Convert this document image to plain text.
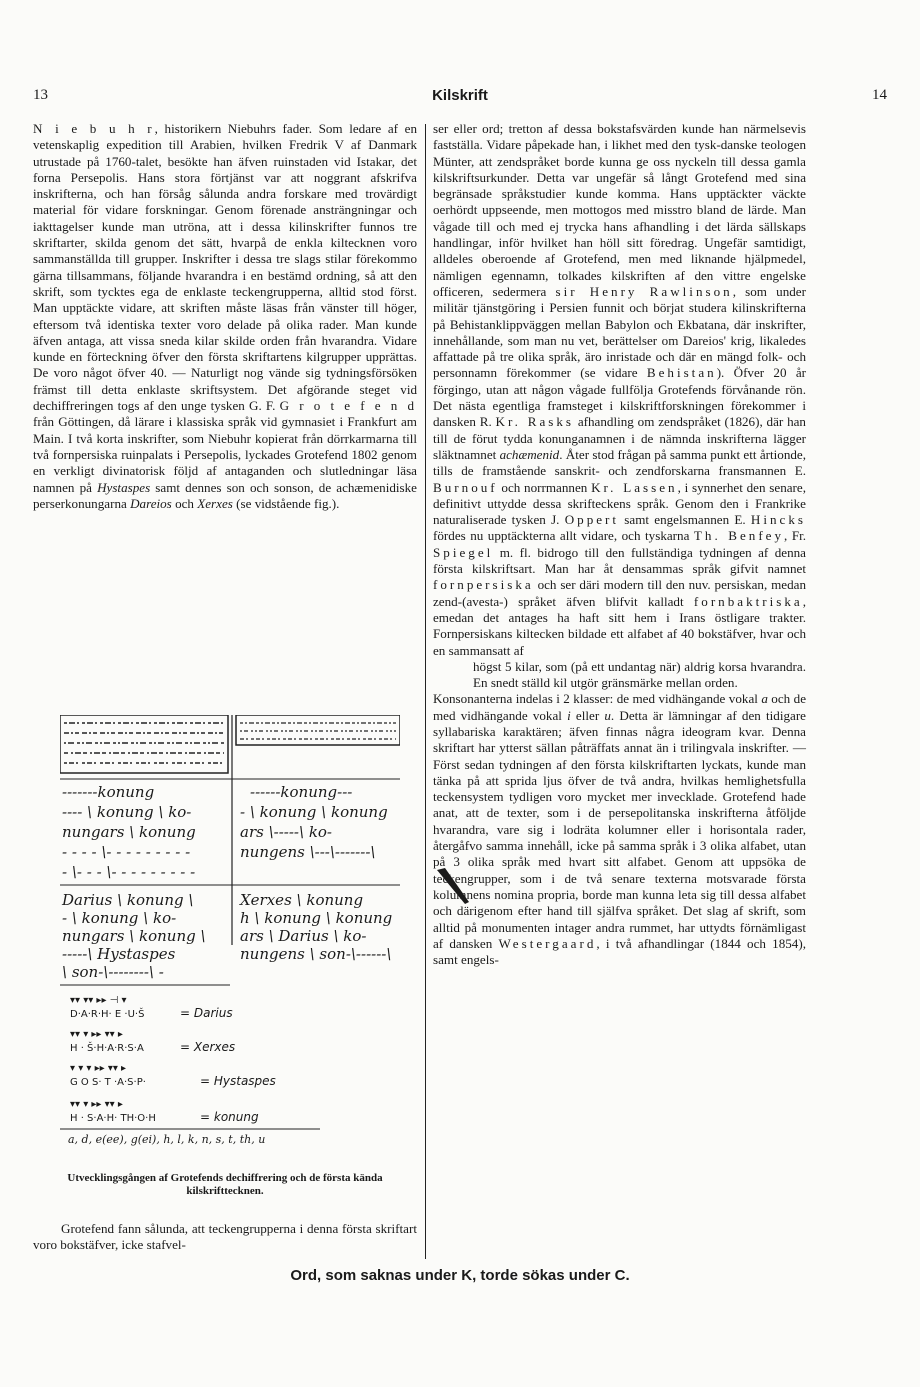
13	Kilskrift	14

N i e b u h r, historikern Niebuhrs fader. Som ledare af en vetenskaplig expedition till Arabien, hvilken Fredrik V af Danmark utrustade på 1760-talet, besökte han äfven ruinstaden vid Istakar, det forna Persepolis. Hans stora förtjänst var att noggrant afskrifva inskrifterna, och han försåg sålunda andra forskare med trovärdigt material för vidare forskningar. Genom förenade ansträngningar och iakttagelser kunde man utröna, att i dessa kilinskrifter funnos tre skriftarter, skilda genom det sätt, hvarpå de enkla kiltecknen voro sammanställda till grupper. Inskrifter i dessa tre slags stilar förekommo gärna tillsammans, följande hvarandra i en bestämd ordning, så att den skrift, som tycktes ega de enklaste teckengrupperna, alltid stod först. Man upptäckte vidare, att skriften måste läsas från vänster till höger, eftersom två identiska texter voro delade på olika rader. Man kunde äfven antaga, att vissa sneda kilar skilde orden från hvarandra. Vidare kunde en förteckning öfver den första skriftartens kilgrupper upprättas. De voro något öfver 40. — Naturligt nog vände sig tydningsförsöken främst till detta enklaste skriftsystem. Det afgörande steget vid dechiffreringen togs af den unge tysken G. F. G r o t e f e n d från Göttingen, då lärare i klassiska språk vid gymnasiet i Frankfurt am Main. I två korta inskrifter, som Niebuhr kopierat från dörrkarmarna till två fornpersiska ruinpalats i Persepolis, lyckades Grotefend 1802 genom en verkligt divinatorisk följd af antaganden och slutledningar läsa namnen på Hystaspes samt dennes son och sonson, de achæmenidiske perserkonungarna Dareios och Xerxes (se vidstående fig.).

-------konung	------konung---
---- \ konung \ ko-	- \ konung \ konung
nungars \ konung	ars \-----\ ko-
nungens \---\-------\
- - - - \- - - - - - - - -
- \- - - \- - - - - - - - -
Darius \ konung \	Xerxes \ konung
- \ konung \ ko-	h \ konung \ konung
nungars \ konung \ ars \ Darius \ ko-
-----\ Hystaspes	nungens \ son-\------\
\ son-\--------\ -
▾▾ ▾▾ ▸▸ ⊣ ▾
D·A·R·H· E ·U·Š	= Darius
▾▾ ▾ ▸▸ ▾▾ ▸
H · Š·H·A·R·S·A	= Xerxes
▾ ▾ ▾ ▸▸ ▾▾ ▸
G O S· T ·A·S·P·	= Hystaspes
▾▾ ▾ ▸▸ ▾▾ ▸
H · S·A·H· TH·O·H	= konung
a, d, e(ee), g(ei), h, l, k, n, s, t, th, u
Utvecklingsgången af Grotefends dechiffrering och de första kända kilskrifttecknen.

Grotefend fann sålunda, att teckengrupperna i denna första skriftart voro bokstäfver, icke stafvel-

ser eller ord; tretton af dessa bokstafsvärden kunde han närmelsevis fastställa. Vidare påpekade han, i likhet med den tysk-danske teologen Münter, att zendspråket borde kunna ge oss nyckeln till dessa gamla kilskriftsurkunder. Detta var ungefär så långt Grotefend med sina begränsade språkstudier kunde komma. Hans upptäckter väckte oerhördt uppseende, men mottogos med misstro bland de lärde. Man vågade till och med ej trycka hans afhandling i det lärda sällskaps handlingar, inför hvilket han höll sitt föredrag. Ungefär samtidigt, alldeles oberoende af Grotefend, men med liknande hjälpmedel, nämligen egennamn, tolkades kilskriften af den vittre engelske officeren, sedermera sir Henry Rawlinson, som under militär tjänstgöring i Persien funnit och börjat studera kilinskrifterna på Behistanklippväggen mellan Babylon och Ekbatana, där inskrifter, innehållande, som man nu vet, berättelser om Dareios' krig, likaledes affattade på tre olika språk, äro inristade och där en mängd folk- och personnamn förekommer (se vidare Behistan). Öfver 20 år förgingo, utan att någon vågade fullfölja Grotefends förvånande rön. Det nästa egentliga framsteget i kilskriftforskningen förekommer i dansken R. Kr. Rasks afhandling om zendspråket (1826), där han till de förut tydda konunganamnen i de nämnda inskrifterna lägger släktnamnet achæmenid. Åter stod frågan på samma punkt ett årtionde, tills de framstående sanskrit- och zendforskarna fransmannen E. Burnouf och norrmannen Kr. Lassen, i synnerhet den senare, definitivt uttydde dessa skrifteckens språk. Genom den i Frankrike naturaliserade tysken J. Oppert samt engelsmannen E. Hincks fördes nu upptäckterna allt vidare, och tyskarna Th. Benfey, Fr. Spiegel m. fl. bidrogo till den fullständiga tydningen af denna första kilskriftsart. Man har åt densammas språk gifvit namnet fornpersiska och ser däri modern till den nuv. persiskan, medan zend-(avesta-) språket äfven blifvit kalladt fornbaktriska, emedan det antages ha haft sitt hem i Irans östligare trakter. Fornpersiskans kiltecken bildade ett alfabet af 40 bokstäfver, hvar och en sammansatt af

högst 5 kilar, som (på ett undantag när) aldrig korsa hvarandra. En snedt ställd kil utgör gränsmärke mellan orden.

Konsonanterna indelas i 2 klasser: de med vidhängande vokal a och de med vidhängande vokal i eller u. Detta är lämningar af den tidigare syllabariska karaktären; äfven finnas några ideogram kvar. Denna skriftart har ytterst sällan påträffats annat än i trilingvala inskrifter. — Först sedan tydningen af den första kilskriftarten lyckats, kunde man tänka på att sprida ljus öfver de två andra, hvilkas hemlighetsfulla teckensystem tydligen voro mycket mer invecklade. Grotefend hade anat, att de texter, som i de persepolitanska inskrifterna åtföljde hvarandra, vare sig i lodräta kolumner eller i horisontala rader, återgåfvo samma innehåll, icke på samma språk i 3 olika alfabet, utan på 3 olika språk med hvart sitt alfabet. Genom att uppsöka de teckengrupper, som i de två senare texterna motsvarade första kolumnens nomina propria, borde man kunna leta sig till dessa alfabet och därigenom efter hand till själfva språket. Det slag af skrift, som alltid på monumenten intager andra rummet, har uttydts förnämligast af dansken Westergaard, i två afhandlingar (1844 och 1854), samt engels-

Ord, som saknas under K, torde sökas under C.
